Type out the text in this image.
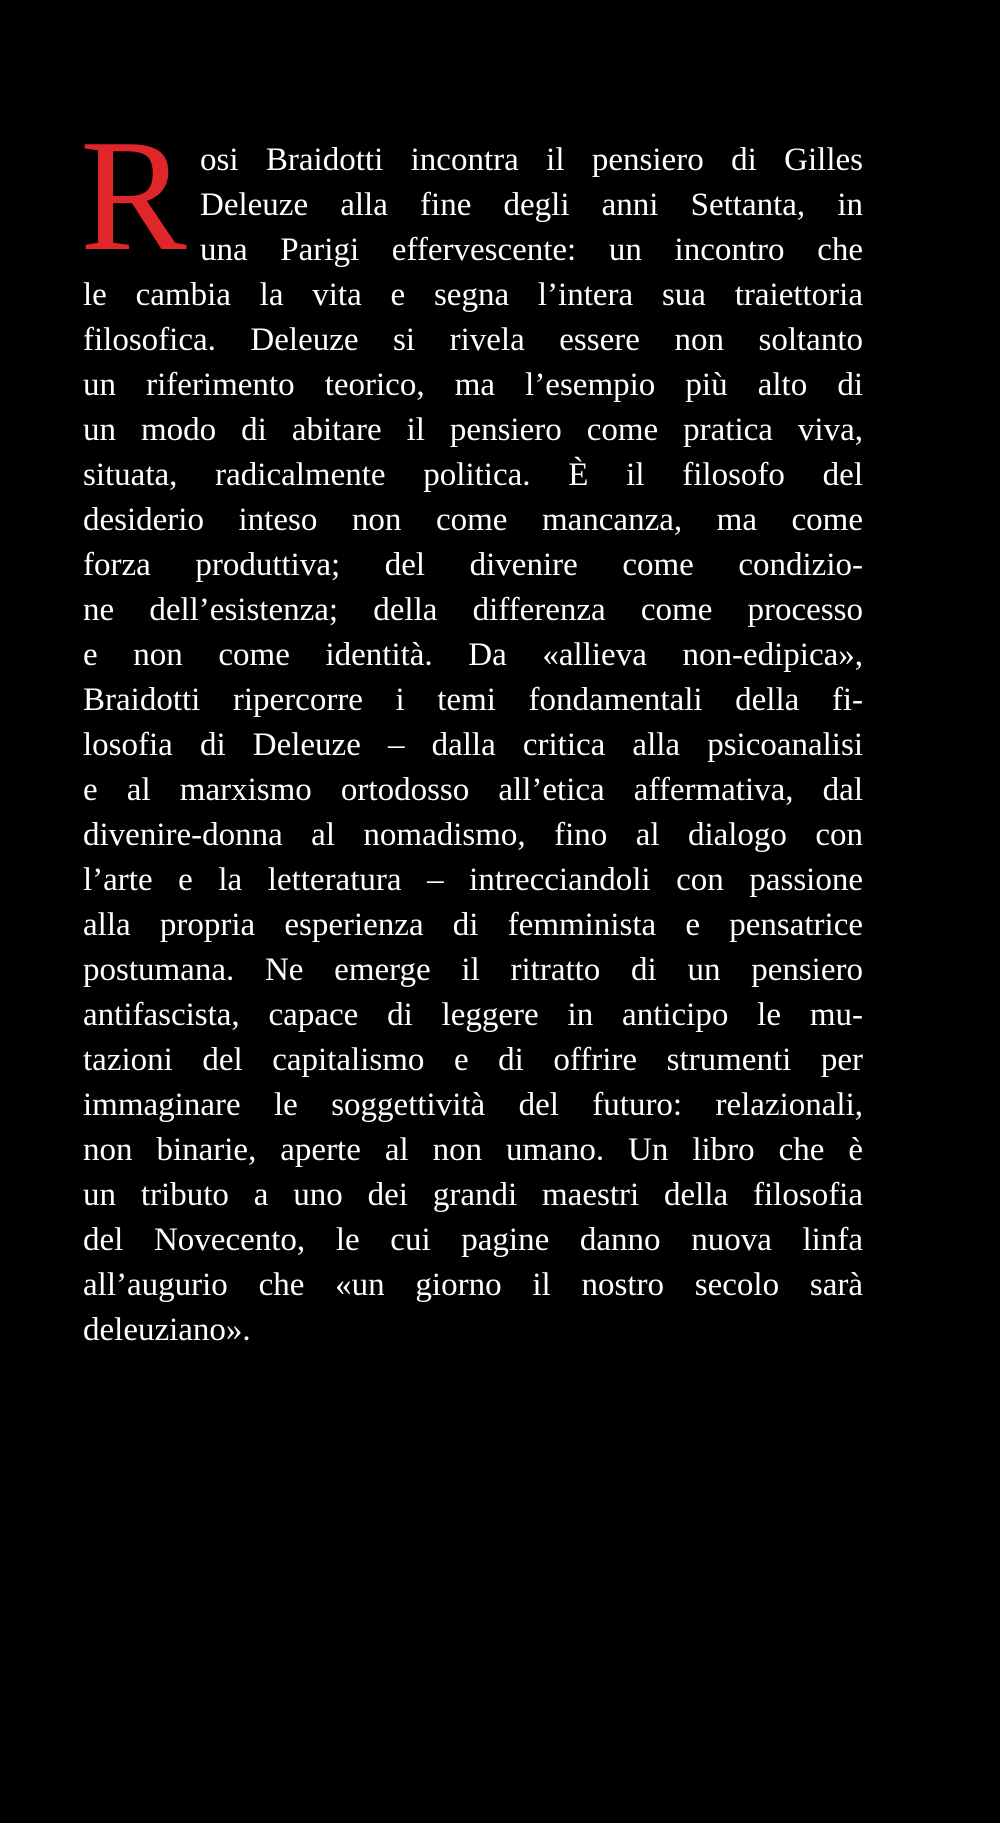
R osi Braidotti incontra il pensiero di Gilles
Deleuze alla fine degli anni Settanta, in
una Parigi effervescente: un incontro che
le cambia la vita e segna l’intera sua traiettoria
filosofica. Deleuze si rivela essere non soltanto
un riferimento teorico, ma l’esempio più alto di
un modo di abitare il pensiero come pratica viva,
situata, radicalmente politica. È il filosofo del
desiderio inteso non come mancanza, ma come
forza produttiva; del divenire come condizio-
ne dell’esistenza; della differenza come processo
e non come identità. Da «allieva non-edipica»,
Braidotti ripercorre i temi fondamentali della fi-
losofia di Deleuze – dalla critica alla psicoanalisi
e al marxismo ortodosso all’etica affermativa, dal
divenire-donna al nomadismo, fino al dialogo con
l’arte e la letteratura – intrecciandoli con passione
alla propria esperienza di femminista e pensatrice
postumana. Ne emerge il ritratto di un pensiero
antifascista, capace di leggere in anticipo le mu-
tazioni del capitalismo e di offrire strumenti per
immaginare le soggettività del futuro: relazionali,
non binarie, aperte al non umano. Un libro che è
un tributo a uno dei grandi maestri della filosofia
del Novecento, le cui pagine danno nuova linfa
all’augurio che «un giorno il nostro secolo sarà
deleuziano».
